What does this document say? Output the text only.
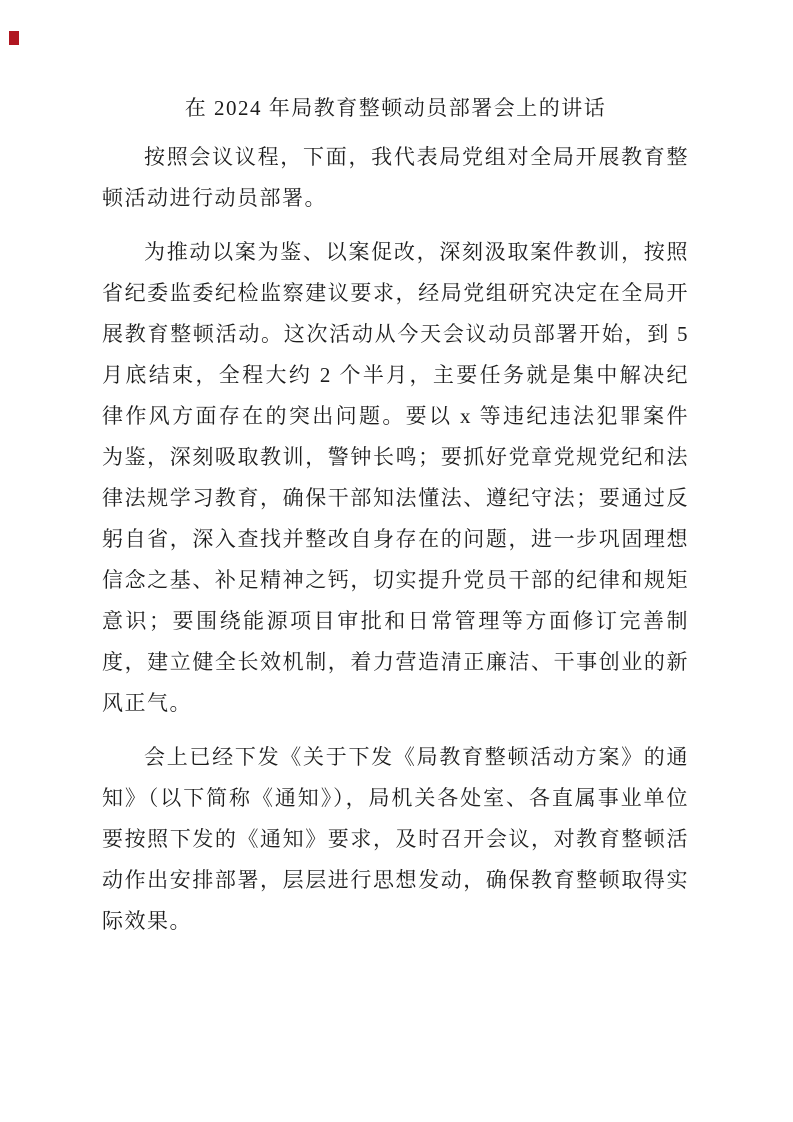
在 2024 年局教育整顿动员部署会上的讲话

按照会议议程，下面，我代表局党组对全局开展教育整顿活动进行动员部署。

为推动以案为鉴、以案促改，深刻汲取案件教训，按照省纪委监委纪检监察建议要求，经局党组研究决定在全局开展教育整顿活动。这次活动从今天会议动员部署开始，到 5 月底结束，全程大约 2 个半月，主要任务就是集中解决纪律作风方面存在的突出问题。要以 x 等违纪违法犯罪案件为鉴，深刻吸取教训，警钟长鸣；要抓好党章党规党纪和法律法规学习教育，确保干部知法懂法、遵纪守法；要通过反躬自省，深入查找并整改自身存在的问题，进一步巩固理想信念之基、补足精神之钙，切实提升党员干部的纪律和规矩意识；要围绕能源项目审批和日常管理等方面修订完善制度，建立健全长效机制，着力营造清正廉洁、干事创业的新风正气。

会上已经下发《关于下发《局教育整顿活动方案》的通知》（以下简称《通知》），局机关各处室、各直属事业单位要按照下发的《通知》要求，及时召开会议，对教育整顿活动作出安排部署，层层进行思想发动，确保教育整顿取得实际效果。
